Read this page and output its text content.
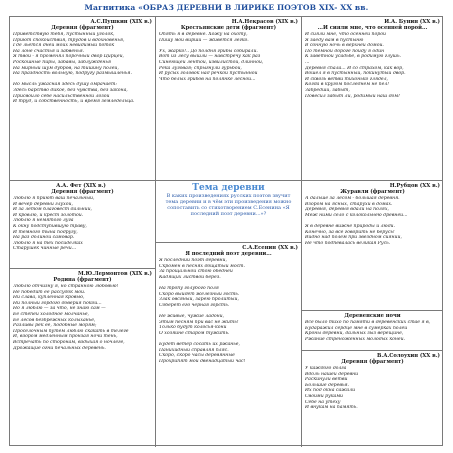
Магнитика «ОБРАЗ ДЕРЕВНИ В ЛИРИКЕ ПОЭТОВ XIX- XX вв.
А.С.Пушкин (XIX в.)
Деревня (фрагмент)
Приветствую тебя, пустынный уголок,
Приют спокойствия, трудов и вдохновенья,
Где льется дней моих невидимый поток
На лоне счастья и забвенья.
Я твой - я променял порочный двор Цирцей,
Роскошные пиры, забавы, заблужденья
На мирный шум дубров, на тишину полей,
На праздность вольную, подругу размышленья.

Но мысль ужасная здесь душу омрачает:
Здесь барство дикое, без чувства, без закона,
Присвоило себе насильственной лозой
И труд, и собственность, и время земледельца.
Н.А.Некрасов (XIX в.)
Крестьянские дети (фрагмент)
Опять я в деревне. Хожу на охоту,
Пишу мои вирши — живется легко.

Ух, жарко!.. До полдня грибы собирали.
Вот из лесу вышли — навстречу как раз
Синеющей лентой, извилистой, длинной,
Река луговая; спрыгнули гурьбой,
И русых головок над речкой пустынной
Что белых грибов на полянке лесной...
И.А. Бунин (XX в.)
...И сияли мне, что осенней порой...
И сияли мне, что осенней порой
Я заеду вам в пустыню
В сонную ночь в верхней домой.
По тёмной дороге пойду я один
К заветной усадьбе, в родимую глушь.
...
Деревня спала... И со страхом, как вор,
Вошёл я в пустынный, покинутый двор.
И сквозь ветви тихонько глядел,
Когда в кругом последнем не пел!
Забредши, забыт,
Повесил забыт ли, родимый наш дом!
А.А. Фет (XIX в.)
Деревня (фрагмент)
Люблю я приют ваш печальный,
И вечер деревни глухой,
И за летом благовест дальний,
И кровлю, и крест золотой.
Люблю я немятого луга
К окну подступившую траву,
И темного тына подругу,
На раз долиной самовар.
Люблю я на тех посиделках
Старушек чинные речи...
Тема деревни
В каких произведениях русских поэтов звучит тема деревни и в чём эти произведения можно сопоставить со стихотворением С.Есенина «Я последний поэт деревни...»?
Н.Рубцов (XX в.)
Журавли (фрагмент)
А дальше за лесом - большая деревня.
Взором на ясных, старухи в домах.
Деревня, деревня вдали на полях,
Меж ними село с колокольнею древней...

Я в деревне вижне природы и люди.
Конечно, за всё говорить не берусь!
Видно над полем при звездном сиянии,
Не что подпевалась великая Русь.
С.А.Есенин (XX в.)
Я последний поэт деревни...
Я последний поэт деревни,
Скромен в песнях дощатый мост.
За прощальной стою обедней
Кадящих листвой берез.

На тропу голубого поля
Скоро выйдет железный гость.
Злак овсяный, зарею пролитый,
Соберет его черная горсть.

Не живые, чужие ладони,
Этим песням при вас не жить!
Только будут колосья-кони
О хозяине старом тужить.

Будет ветер сосать их ржанье,
Панихидный справляя пляс.
Скоро, скоро часы деревянные
Прохрипят мой двенадцатый час!
М.Ю.Лермонтов (XIX в.)
Родина (фрагмент)
Люблю отчизну я, но странною любовью!
Не победит ее рассудок мой.
Ни слава, купленная кровью,
Ни полный гордого доверия покой...
Но я люблю — за что, не знаю сам —
Ее степей холодное молчанье,
Ее лесов безбрежных колыханье,
Разливы рек ее, подобные морям;
Проселочным путем люблю скакать в телеге
И, взором медленным пронзая ночи тень,
Встречать по сторонам, вздыхая о ночлеге,
Дрожащие огни печальных деревень.
Деревенские ночи
Все было тихо по памяти в деревенских стае я в,
Бударажил сердце мне в сумерках полей
Кроны деревни, дальных зыз верещине,
Ржание стреноженных молодых коней.
В.А.Солоухин (XX в.)
Деревня (фрагмент)
У каждого долга
Вдоль нашей деревни
Раскинули ветви
Большие деревья.
Их под окна сажали
Своими руками
Себе на утеху
И внукам на память.
